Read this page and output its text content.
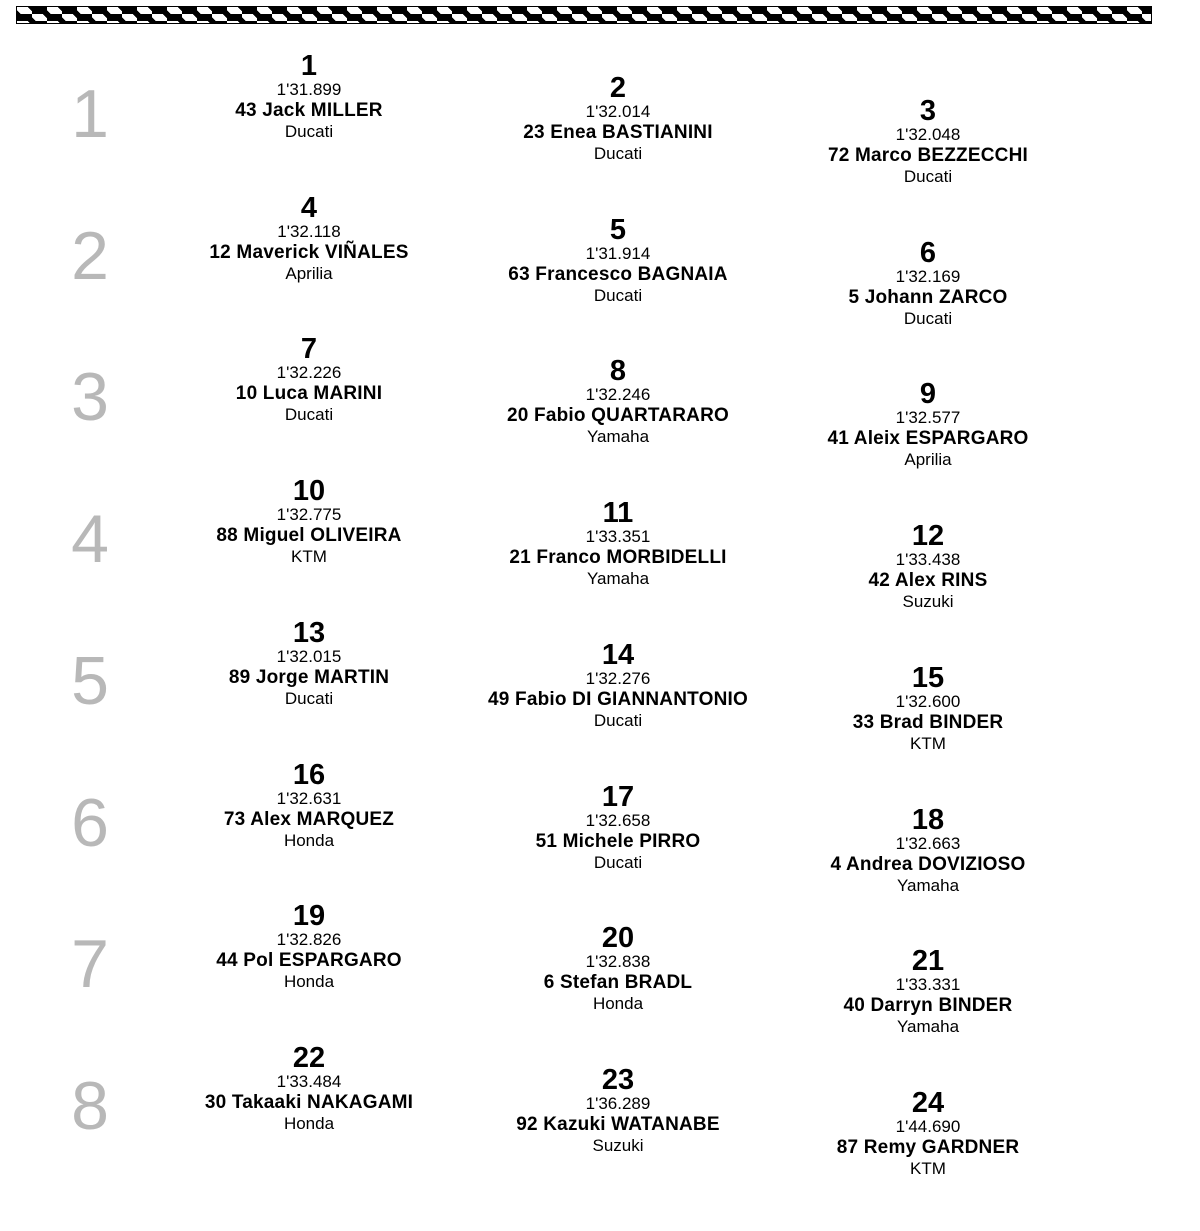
1
2
3
4
5
6
7
8
1
1'31.899
43 Jack MILLER
Ducati
2
1'32.014
23 Enea BASTIANINI
Ducati
3
1'32.048
72 Marco BEZZECCHI
Ducati
4
1'32.118
12 Maverick VIÑALES
Aprilia
5
1'31.914
63 Francesco BAGNAIA
Ducati
6
1'32.169
5 Johann ZARCO
Ducati
7
1'32.226
10 Luca MARINI
Ducati
8
1'32.246
20 Fabio QUARTARARO
Yamaha
9
1'32.577
41 Aleix ESPARGARO
Aprilia
10
1'32.775
88 Miguel OLIVEIRA
KTM
11
1'33.351
21 Franco MORBIDELLI
Yamaha
12
1'33.438
42 Alex RINS
Suzuki
13
1'32.015
89 Jorge MARTIN
Ducati
14
1'32.276
49 Fabio DI GIANNANTONIO
Ducati
15
1'32.600
33 Brad BINDER
KTM
16
1'32.631
73 Alex MARQUEZ
Honda
17
1'32.658
51 Michele PIRRO
Ducati
18
1'32.663
4 Andrea DOVIZIOSO
Yamaha
19
1'32.826
44 Pol ESPARGARO
Honda
20
1'32.838
6 Stefan BRADL
Honda
21
1'33.331
40 Darryn BINDER
Yamaha
22
1'33.484
30 Takaaki NAKAGAMI
Honda
23
1'36.289
92 Kazuki WATANABE
Suzuki
24
1'44.690
87 Remy GARDNER
KTM
